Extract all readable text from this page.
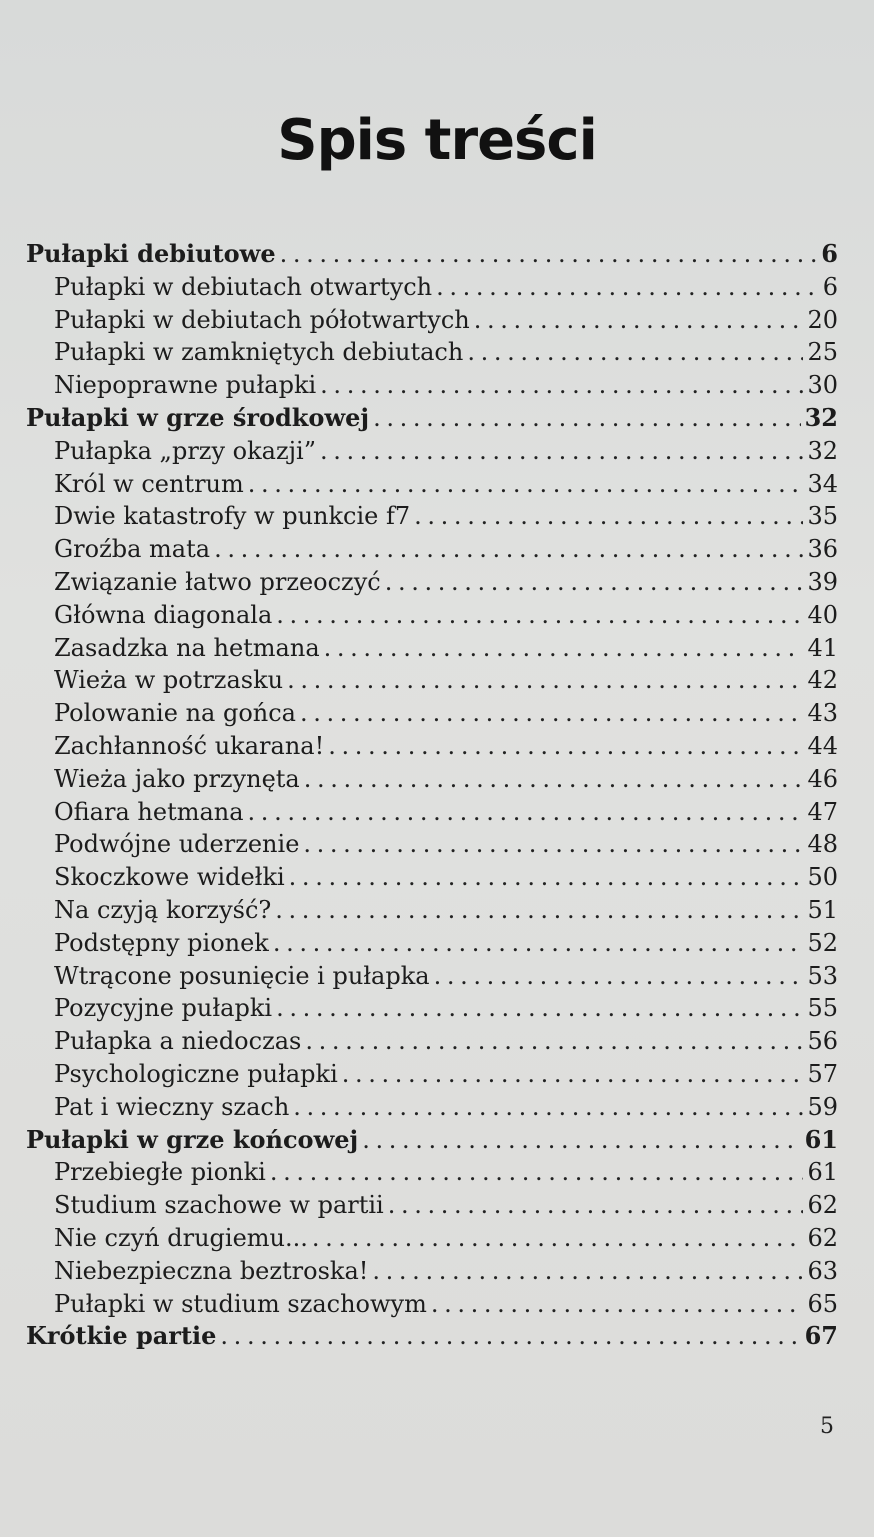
Spis treści
Pułapki debiutowe . . .	6
Pułapki w debiutach otwartych . . .	6
Pułapki w debiutach półotwartych . . .	20
Pułapki w zamkniętych debiutach . . .	25
Niepoprawne pułapki . . .	30
Pułapki w grze środkowej . . .	32
Pułapka „przy okazji” . . .	32
Król w centrum . . .	34
Dwie katastrofy w punkcie f7 . . .	35
Groźba mata . . .	36
Związanie łatwo przeoczyć . . .	39
Główna diagonala . . .	40
Zasadzka na hetmana . . .	41
Wieża w potrzasku . . .	42
Polowanie na gońca . . .	43
Zachłanność ukarana! . . .	44
Wieża jako przynęta . . .	46
Ofiara hetmana . . .	47
Podwójne uderzenie . . .	48
Skoczkowe widełki . . .	50
Na czyją korzyść? . . .	51
Podstępny pionek . . .	52
Wtrącone posunięcie i pułapka . . .	53
Pozycyjne pułapki . . .	55
Pułapka a niedoczas . . .	56
Psychologiczne pułapki . . .	57
Pat i wieczny szach . . .	59
Pułapki w grze końcowej . . .	61
Przebiegłe pionki . . .	61
Studium szachowe w partii . . .	62
Nie czyń drugiemu... . . .	62
Niebezpieczna beztroska! . . .	63
Pułapki w studium szachowym . . .	65
Krótkie partie . . .	67
5
